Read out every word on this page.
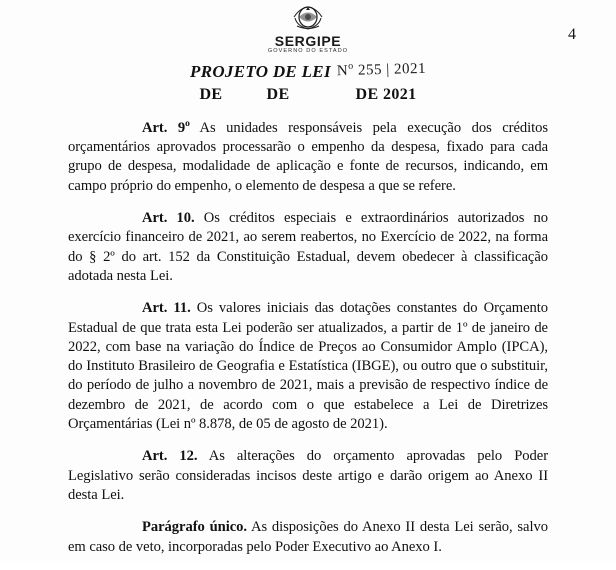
SERGIPE
GOVERNO DO ESTADO
4
PROJETO DE LEI $N^o$ 255 | 2021
DE	DE	DE 2021

Art. 9$^o$ As unidades responsáveis pela execução dos créditos orçamentários aprovados processarão o empenho da despesa, fixado para cada grupo de despesa, modalidade de aplicação e fonte de recursos, indicando, em campo próprio do empenho, o elemento de despesa a que se refere.

Art. 10. Os créditos especiais e extraordinários autorizados no exercício financeiro de 2021, ao serem reabertos, no Exercício de 2022, na forma do § 2º do art. 152 da Constituição Estadual, devem obedecer à classificação adotada nesta Lei.

Art. 11. Os valores iniciais das dotações constantes do Orçamento Estadual de que trata esta Lei poderão ser atualizados, a partir de 1º de janeiro de 2022, com base na variação do Índice de Preços ao Consumidor Amplo (IPCA), do Instituto Brasileiro de Geografia e Estatística (IBGE), ou outro que o substituir, do período de julho a novembro de 2021, mais a previsão de respectivo índice de dezembro de 2021, de acordo com o que estabelece a Lei de Diretrizes Orçamentárias (Lei nº 8.878, de 05 de agosto de 2021).

Art. 12. As alterações do orçamento aprovadas pelo Poder Legislativo serão consideradas incisos deste artigo e darão origem ao Anexo II desta Lei.

Parágrafo único. As disposições do Anexo II desta Lei serão, salvo em caso de veto, incorporadas pelo Poder Executivo ao Anexo I.
